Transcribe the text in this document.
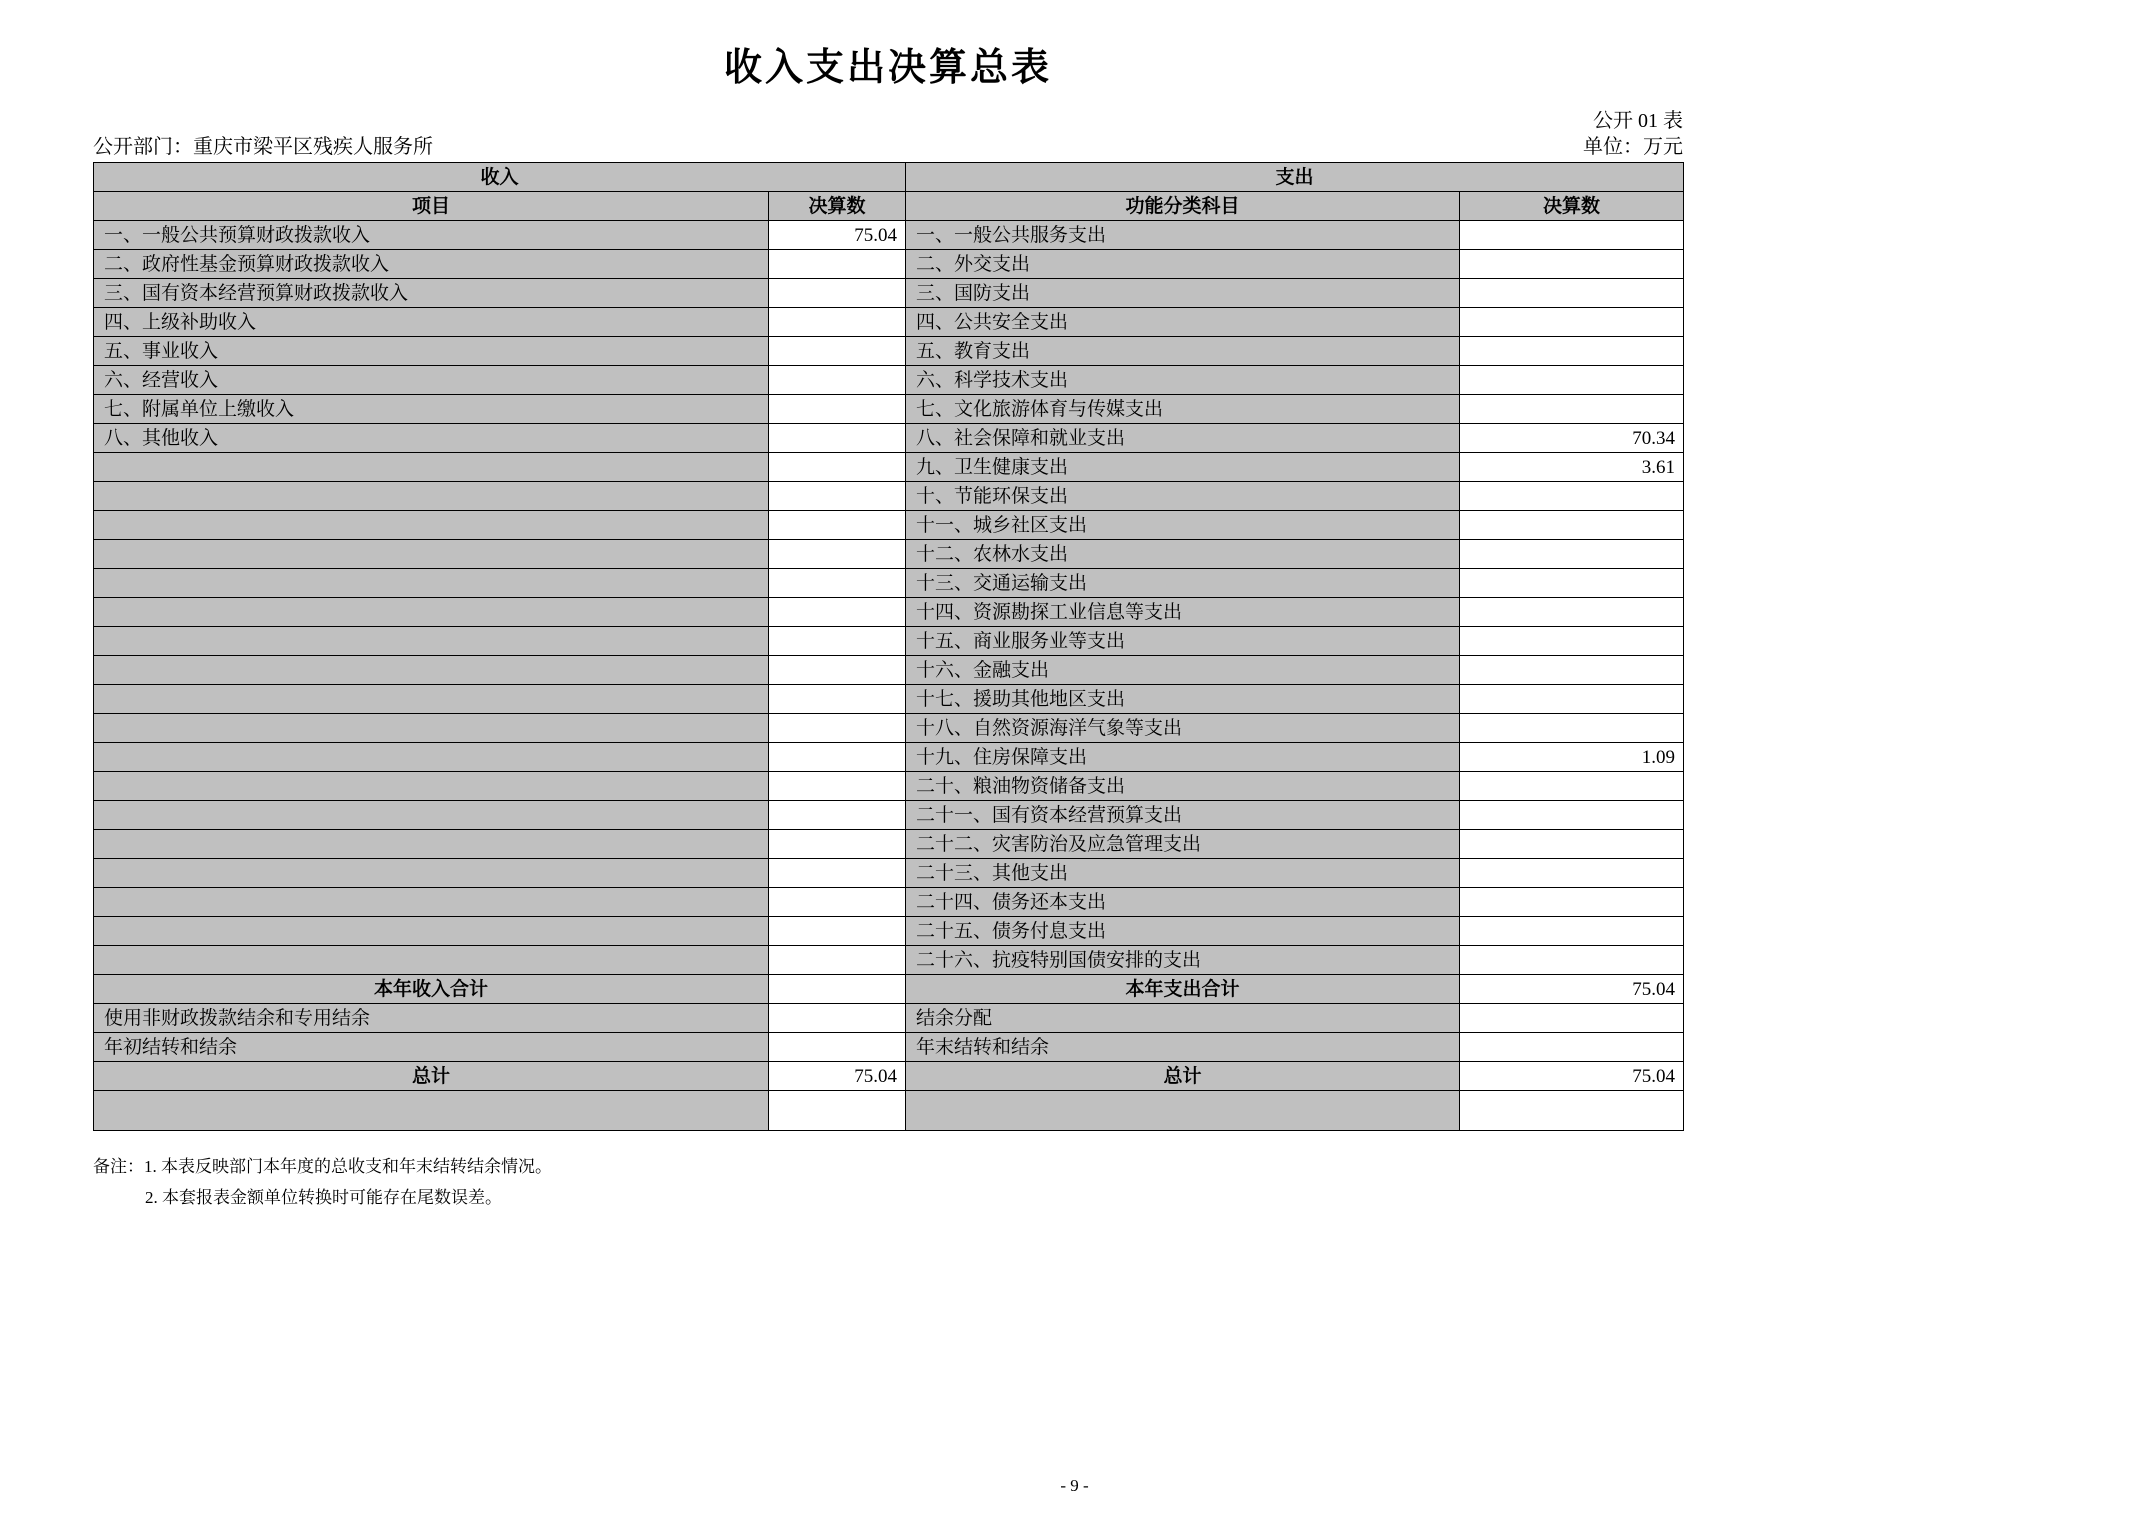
收入支出决算总表
公开 01 表
公开部门：重庆市梁平区残疾人服务所	单位：万元
收入		支出	
项目	决算数	功能分类科目	决算数
一、一般公共预算财政拨款收入	75.04	一、一般公共服务支出	
二、政府性基金预算财政拨款收入		二、外交支出	
三、国有资本经营预算财政拨款收入		三、国防支出	
四、上级补助收入		四、公共安全支出	
五、事业收入		五、教育支出	
六、经营收入		六、科学技术支出	
七、附属单位上缴收入		七、文化旅游体育与传媒支出	
八、其他收入		八、社会保障和就业支出	70.34
		九、卫生健康支出	3.61
		十、节能环保支出	
		十一、城乡社区支出	
		十二、农林水支出	
		十三、交通运输支出	
		十四、资源勘探工业信息等支出	
		十五、商业服务业等支出	
		十六、金融支出	
		十七、援助其他地区支出	
		十八、自然资源海洋气象等支出	
		十九、住房保障支出	1.09
		二十、粮油物资储备支出	
		二十一、国有资本经营预算支出	
		二十二、灾害防治及应急管理支出	
		二十三、其他支出	
		二十四、债务还本支出	
		二十五、债务付息支出	
		二十六、抗疫特别国债安排的支出	
本年收入合计		本年支出合计	75.04
使用非财政拨款结余和专用结余		结余分配	
年初结转和结余		年末结转和结余	
总计	75.04	总计	75.04

备注：1. 本表反映部门本年度的总收支和年末结转结余情况。
2. 本套报表金额单位转换时可能存在尾数误差。
- 9 -
